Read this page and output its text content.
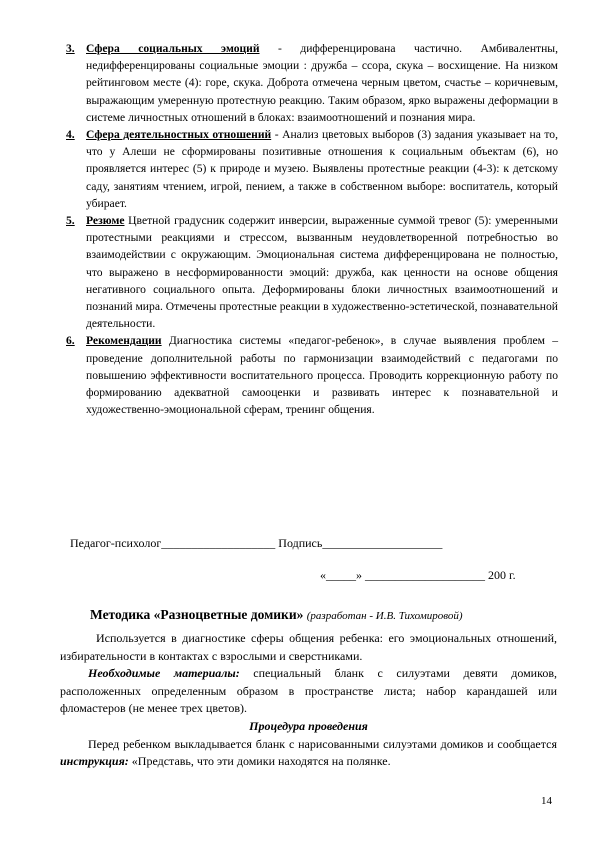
3. Сфера социальных эмоций - дифференцирована частично. Амбивалентны, недифференцированы социальные эмоции : дружба – ссора, скука – восхищение. На низком рейтинговом месте (4): горе, скука. Доброта отмечена черным цветом, счастье – коричневым, выражающим умеренную протестную реакцию. Таким образом, ярко выражены деформации в системе личностных отношений в блоках: взаимоотношений и познания мира.
4. Сфера деятельностных отношений - Анализ цветовых выборов (3) задания указывает на то, что у Алеши не сформированы позитивные отношения к социальным объектам (6), но проявляется интерес (5) к природе и музею. Выявлены протестные реакции (4-3): к детскому саду, занятиям чтением, игрой, пением, а также в собственном выборе: воспитатель, который убирает.
5. Резюме Цветной градусник содержит инверсии, выраженные суммой тревог (5): умеренными протестными реакциями и стрессом, вызванным неудовлетворенной потребностью во взаимодействии с окружающим. Эмоциональная система дифференцирована не полностью, что выражено в несформированности эмоций: дружба, как ценности на основе общения негативного социального опыта. Деформированы блоки личностных взаимоотношений и познаний мира. Отмечены протестные реакции в художественно-эстетической, познавательной деятельности.
6. Рекомендации Диагностика системы «педагог-ребенок», в случае выявления проблем – проведение дополнительной работы по гармонизации взаимодействий с педагогами по повышению эффективности воспитательного процесса. Проводить коррекционную работу по формированию адекватной самооценки и развивать интерес к познавательной и художественно-эмоциональной сферам, тренинг общения.
Педагог-психолог___________________ Подпись____________________
«_____» ____________________ 200 г.
Методика «Разноцветные домики» (разработан - И.В. Тихомировой)

Используется в диагностике сферы общения ребенка: его эмоциональных отношений, избирательности в контактах с взрослыми и сверстниками.

Необходимые материалы: специальный бланк с силуэтами девяти домиков, расположенных определенным образом в пространстве листа; набор карандашей или фломастеров (не менее трех цветов).

Процедура проведения

Перед ребенком выкладывается бланк с нарисованными силуэтами домиков и сообщается инструкция: «Представь, что эти домики находятся на полянке.

14
